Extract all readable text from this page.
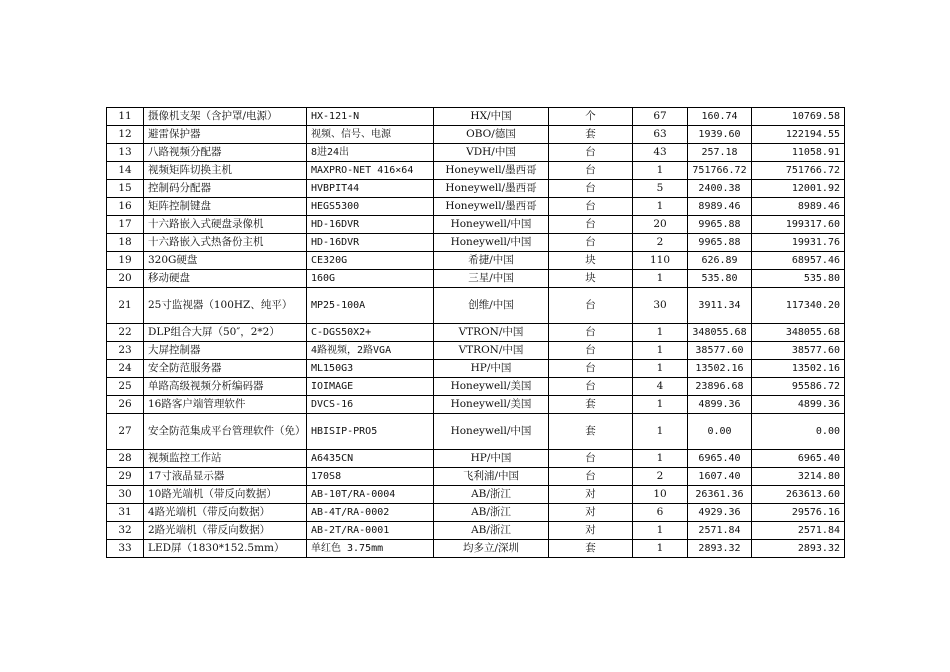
11	摄像机支架（含护罩/电源）	HX-121-N	HX/中国	个	67	160.74	10769.58
12	避雷保护器	视频、信号、电源	OBO/德国	套	63	1939.60	122194.55
13	八路视频分配器	8进24出	VDH/中国	台	43	257.18	11058.91
14	视频矩阵切换主机	MAXPRO-NET 416×64	Honeywell/墨西哥	台	1	751766.72	751766.72
15	控制码分配器	HVBPIT44	Honeywell/墨西哥	台	5	2400.38	12001.92
16	矩阵控制键盘	HEGS5300	Honeywell/墨西哥	台	1	8989.46	8989.46
17	十六路嵌入式硬盘录像机	HD-16DVR	Honeywell/中国	台	20	9965.88	199317.60
18	十六路嵌入式热备份主机	HD-16DVR	Honeywell/中国	台	2	9965.88	19931.76
19	320G硬盘	CE320G	希捷/中国	块	110	626.89	68957.46
20	移动硬盘	160G	三星/中国	块	1	535.80	535.80
21	25寸监视器（100HZ、纯平）	MP25-100A	创维/中国	台	30	3911.34	117340.20
22	DLP组合大屏（50″，2*2）	C-DGS50X2+	VTRON/中国	台	1	348055.68	348055.68
23	大屏控制器	4路视频，2路VGA	VTRON/中国	台	1	38577.60	38577.60
24	安全防范服务器	ML150G3	HP/中国	台	1	13502.16	13502.16
25	单路高级视频分析编码器	IOIMAGE	Honeywell/美国	台	4	23896.68	95586.72
26	16路客户端管理软件	DVCS-16	Honeywell/美国	套	1	4899.36	4899.36
27	安全防范集成平台管理软件（免）	HBISIP-PRO5	Honeywell/中国	套	1	0.00	0.00
28	视频监控工作站	A6435CN	HP/中国	台	1	6965.40	6965.40
29	17寸液晶显示器	170S8	飞利浦/中国	台	2	1607.40	3214.80
30	10路光端机（带反向数据）	AB-10T/RA-0004	AB/浙江	对	10	26361.36	263613.60
31	4路光端机（带反向数据）	AB-4T/RA-0002	AB/浙江	对	6	4929.36	29576.16
32	2路光端机（带反向数据）	AB-2T/RA-0001	AB/浙江	对	1	2571.84	2571.84
33	LED屏（1830*152.5mm）	单红色 3.75mm	均多立/深圳	套	1	2893.32	2893.32
